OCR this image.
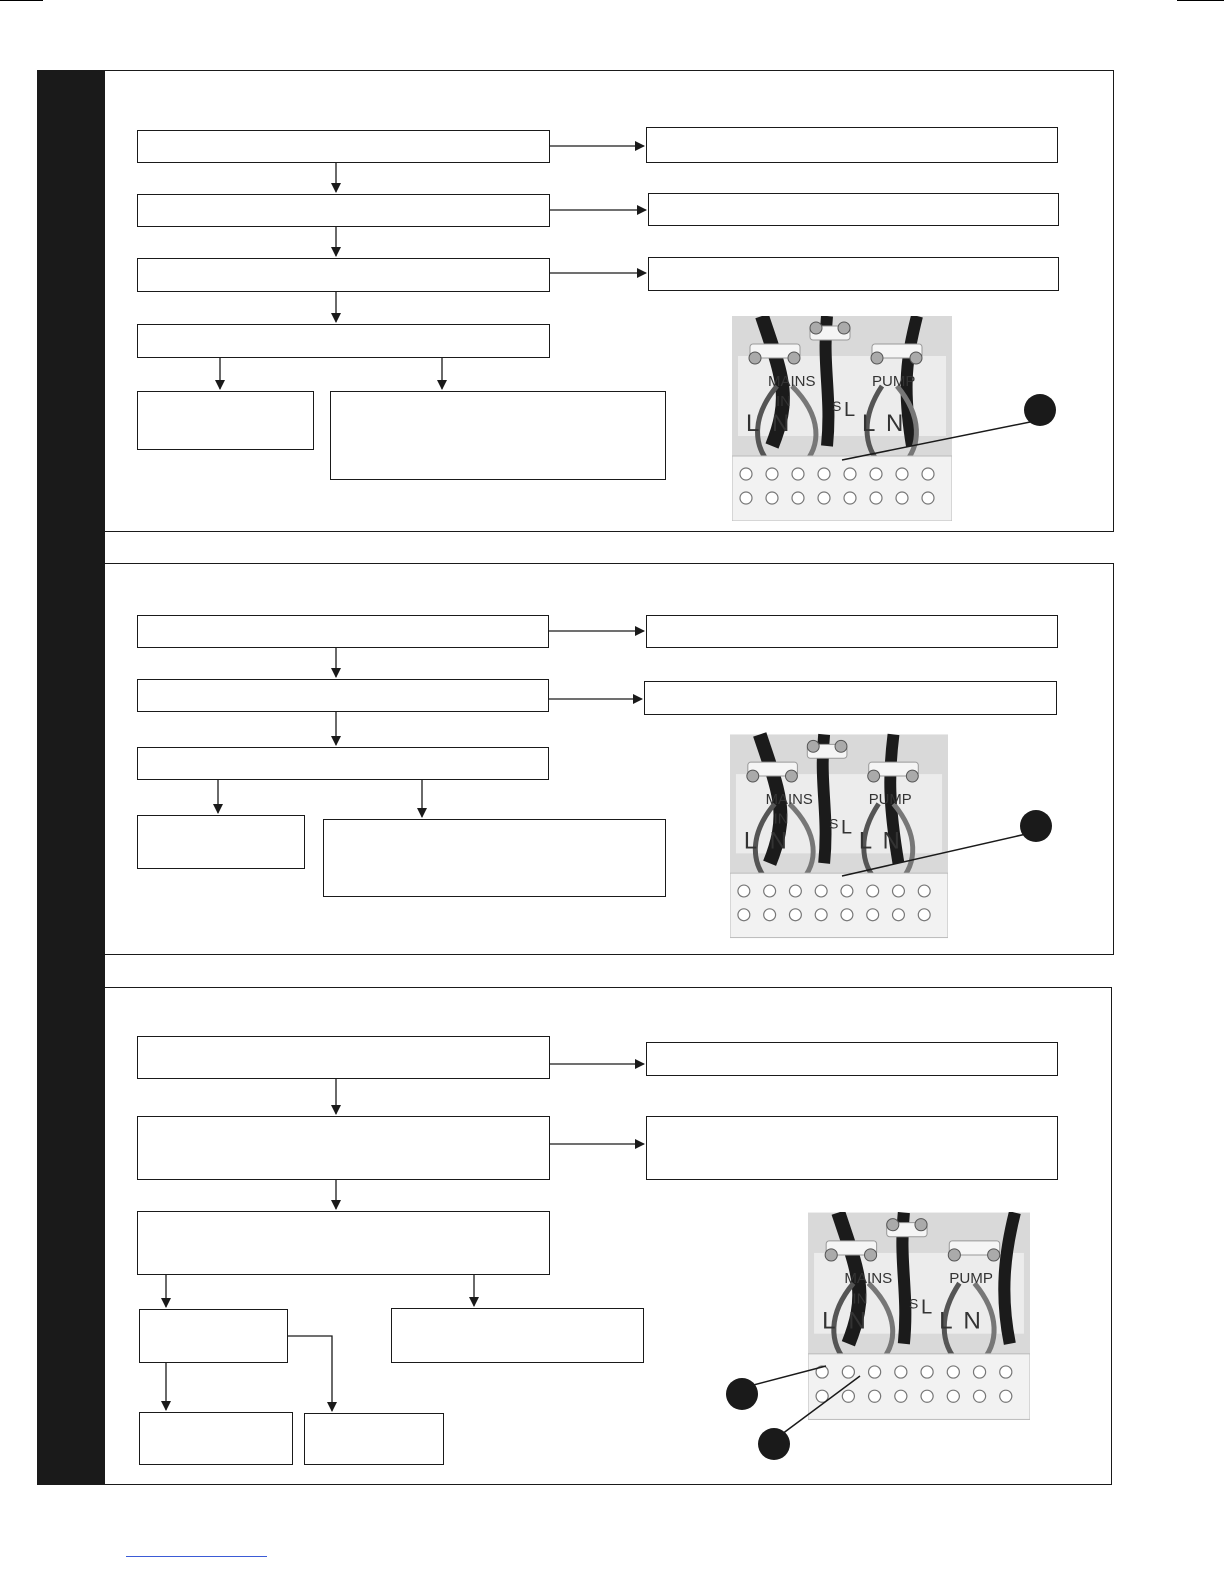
MAINS
IN
L N
S L
PUMP
L N
MAINS
IN
L N
S L
PUMP
L N
MAINS
IN
L N
S L
PUMP
L N
